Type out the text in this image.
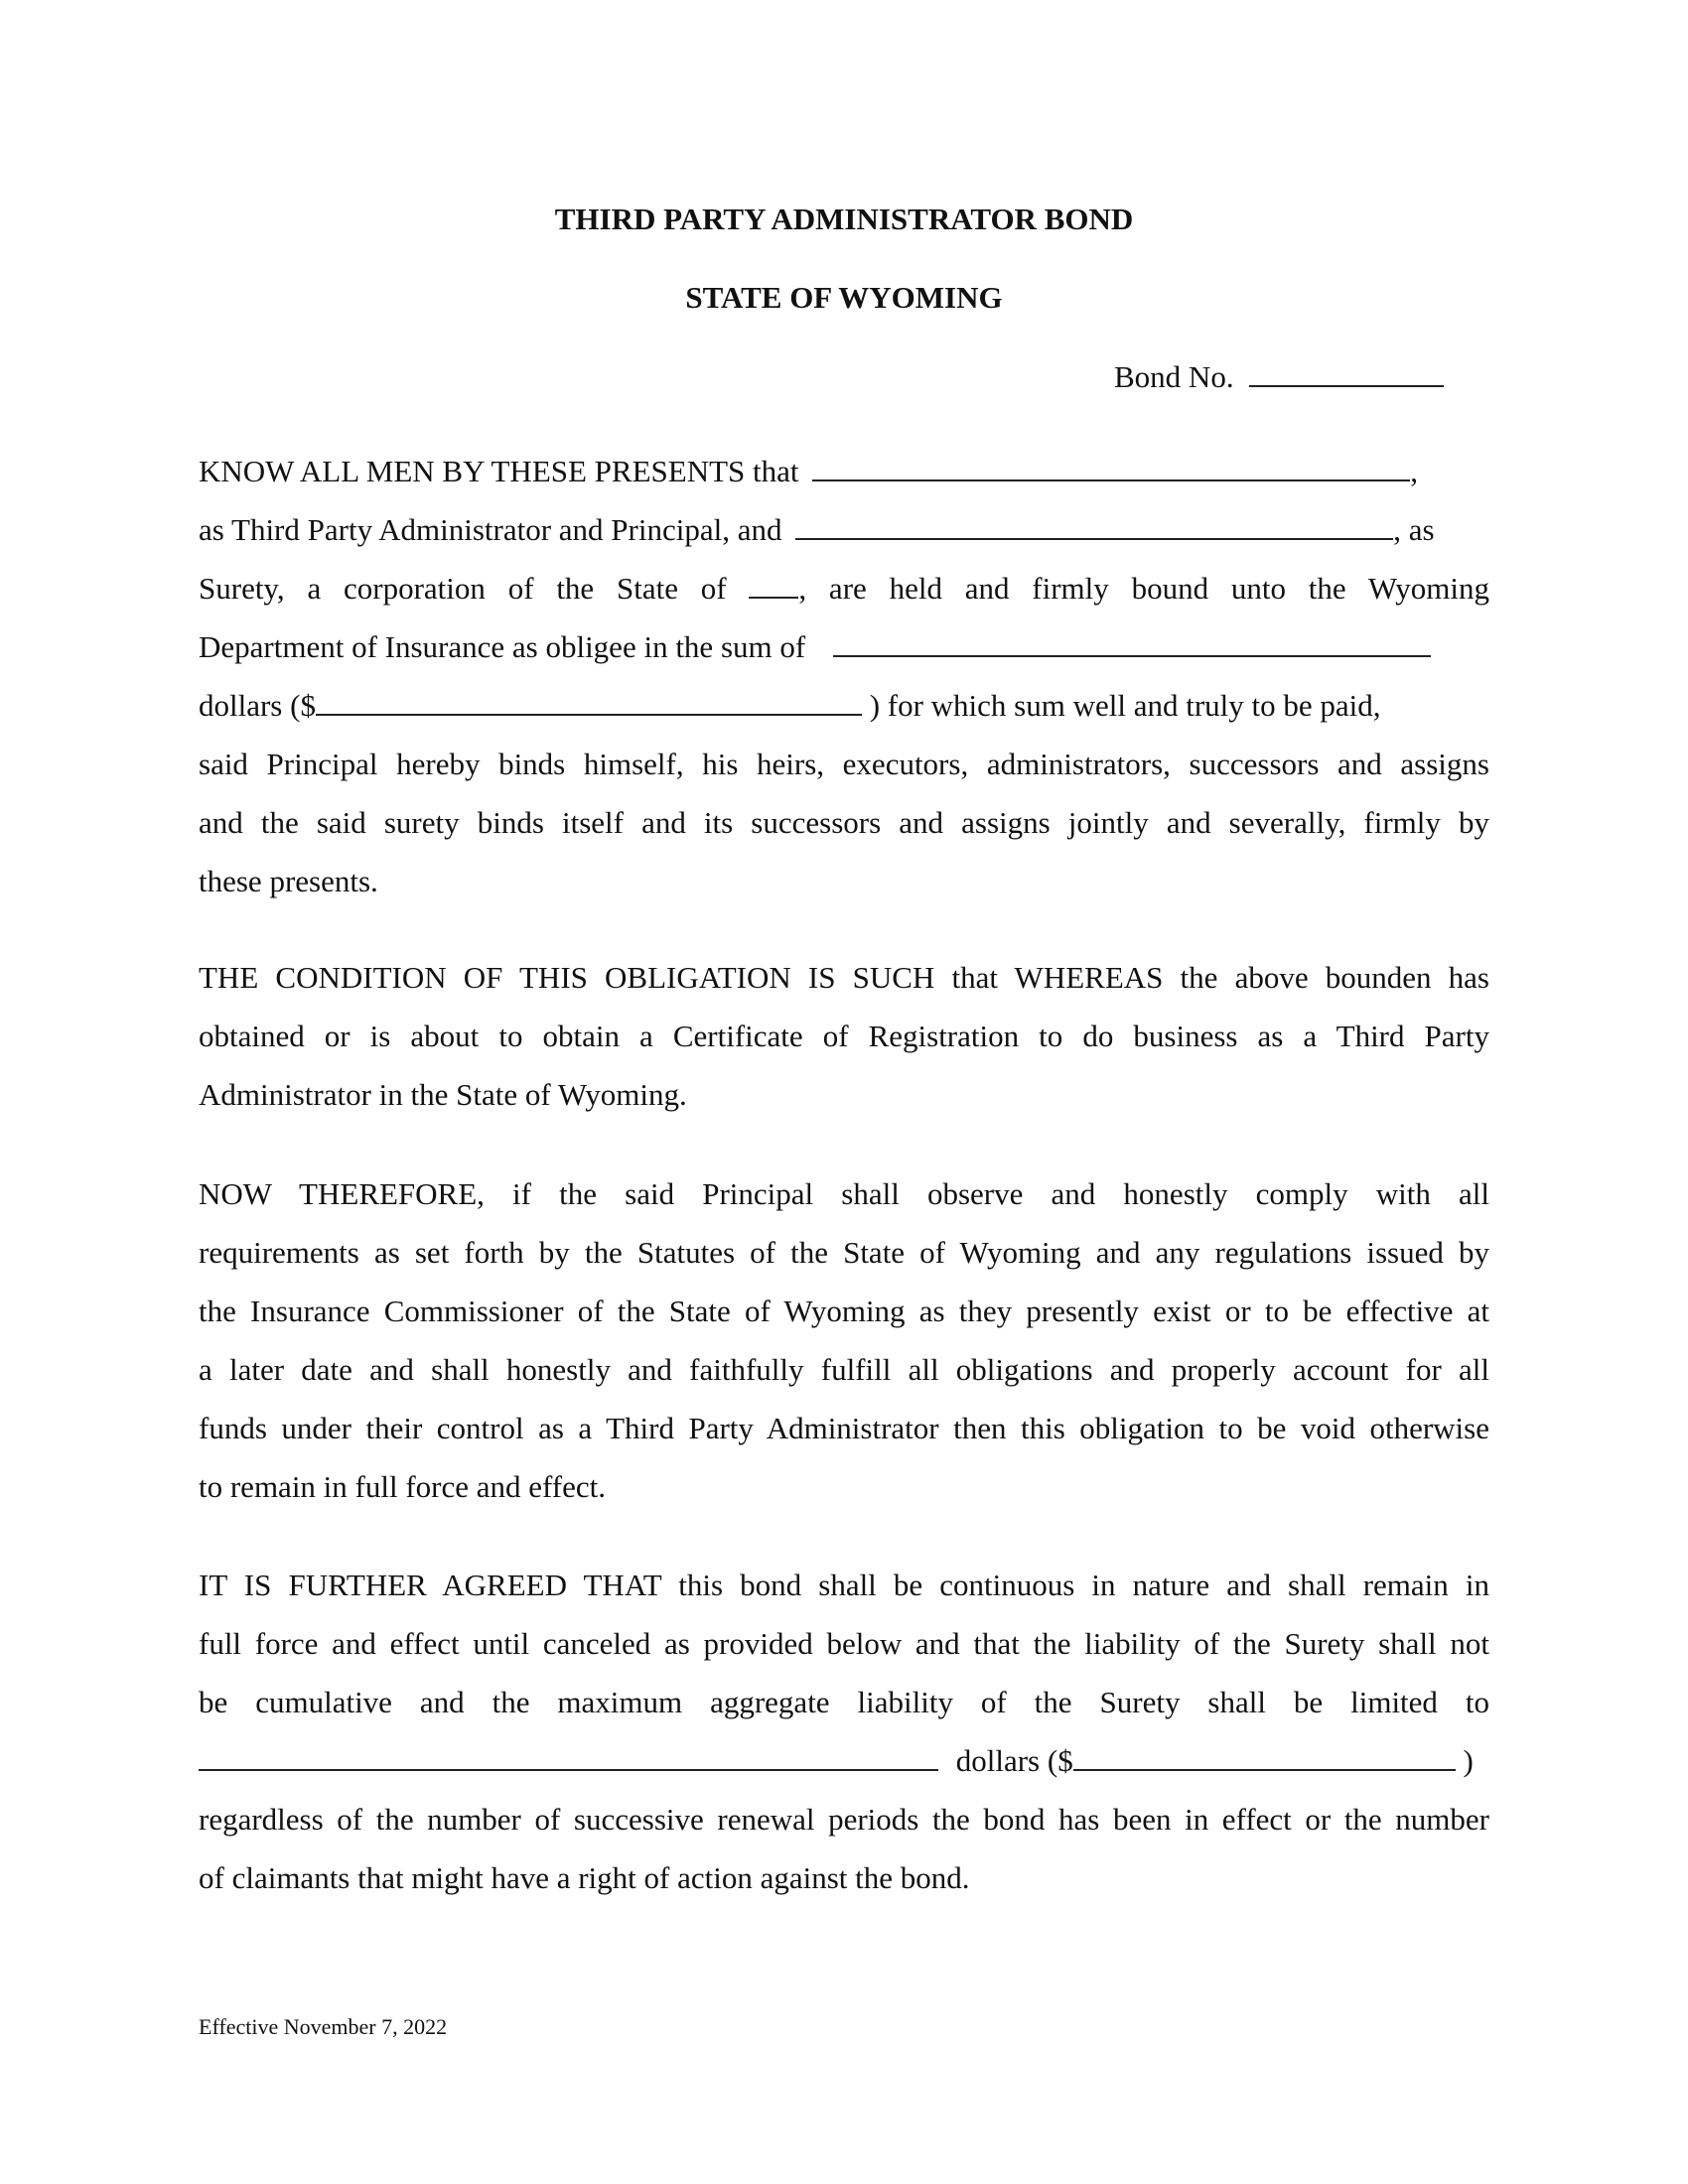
THIRD PARTY ADMINISTRATOR BOND
STATE OF WYOMING
Bond No.
KNOW ALL MEN BY THESE PRESENTS that	,
as Third Party Administrator and Principal, and	, as
Surety, a corporation of the State of , are held and firmly bound unto the Wyoming
Department of Insurance as obligee in the sum of
dollars ($	) for which sum well and truly to be paid,
said Principal hereby binds himself, his heirs, executors, administrators, successors and assigns
and the said surety binds itself and its successors and assigns jointly and severally, firmly by
these presents.
THE CONDITION OF THIS OBLIGATION IS SUCH that WHEREAS the above bounden has
obtained or is about to obtain a Certificate of Registration to do business as a Third Party
Administrator in the State of Wyoming.
NOW THEREFORE, if the said Principal shall observe and honestly comply with all
requirements as set forth by the Statutes of the State of Wyoming and any regulations issued by
the Insurance Commissioner of the State of Wyoming as they presently exist or to be effective at
a later date and shall honestly and faithfully fulfill all obligations and properly account for all
funds under their control as a Third Party Administrator then this obligation to be void otherwise
to remain in full force and effect.
IT IS FURTHER AGREED THAT this bond shall be continuous in nature and shall remain in
full force and effect until canceled as provided below and that the liability of the Surety shall not
be cumulative and the maximum aggregate liability of the Surety shall be limited to
dollars ($	)
regardless of the number of successive renewal periods the bond has been in effect or the number
of claimants that might have a right of action against the bond.
Effective November 7, 2022
